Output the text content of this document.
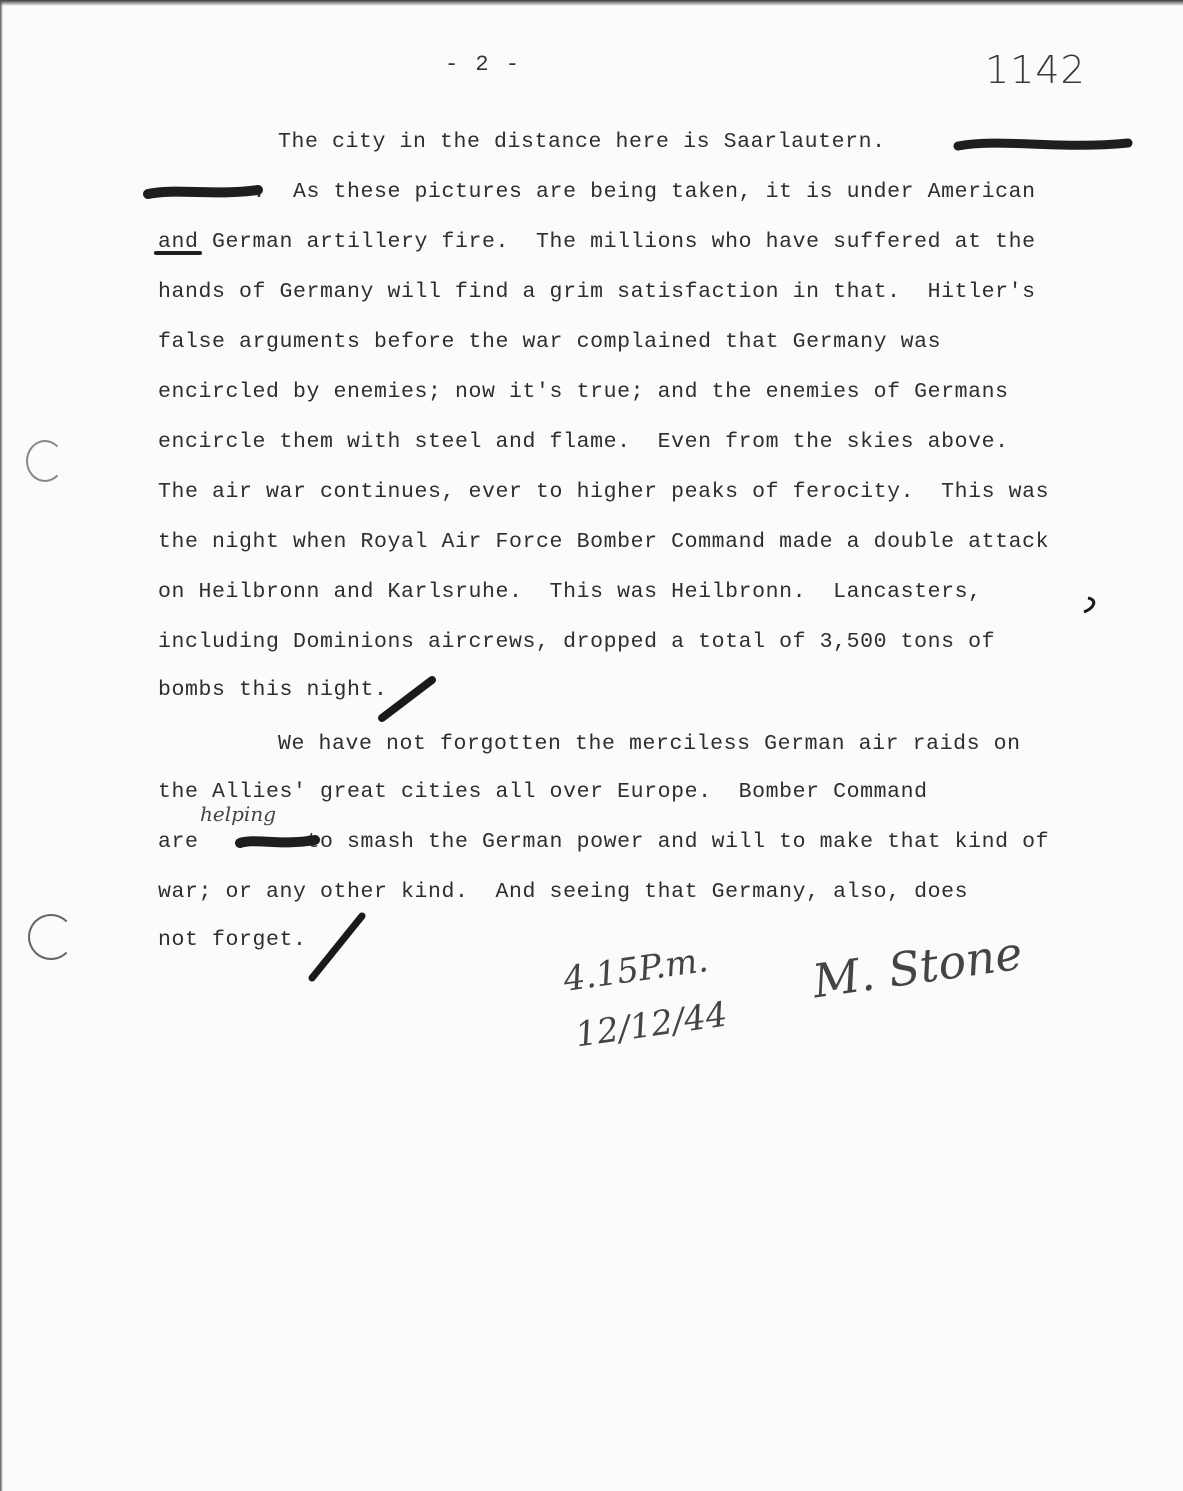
- 2 -	1142
The city in the distance here is Saarlautern.
.  As these pictures are being taken, it is under American
and German artillery fire.  The millions who have suffered at the
hands of Germany will find a grim satisfaction in that.  Hitler's
false arguments before the war complained that Germany was
encircled by enemies; now it's true; and the enemies of Germans
encircle them with steel and flame.  Even from the skies above.
The air war continues, ever to higher peaks of ferocity.  This was
the night when Royal Air Force Bomber Command made a double attack
on Heilbronn and Karlsruhe.  This was Heilbronn.  Lancasters,
including Dominions aircrews, dropped a total of 3,500 tons of
bombs this night.
We have not forgotten the merciless German air raids on
the Allies' great cities all over Europe.  Bomber Command
are        to smash the German power and will to make that kind of
war; or any other kind.  And seeing that Germany, also, does
not forget.
helping
4.15P.m.
12/12/44
M. Stone
